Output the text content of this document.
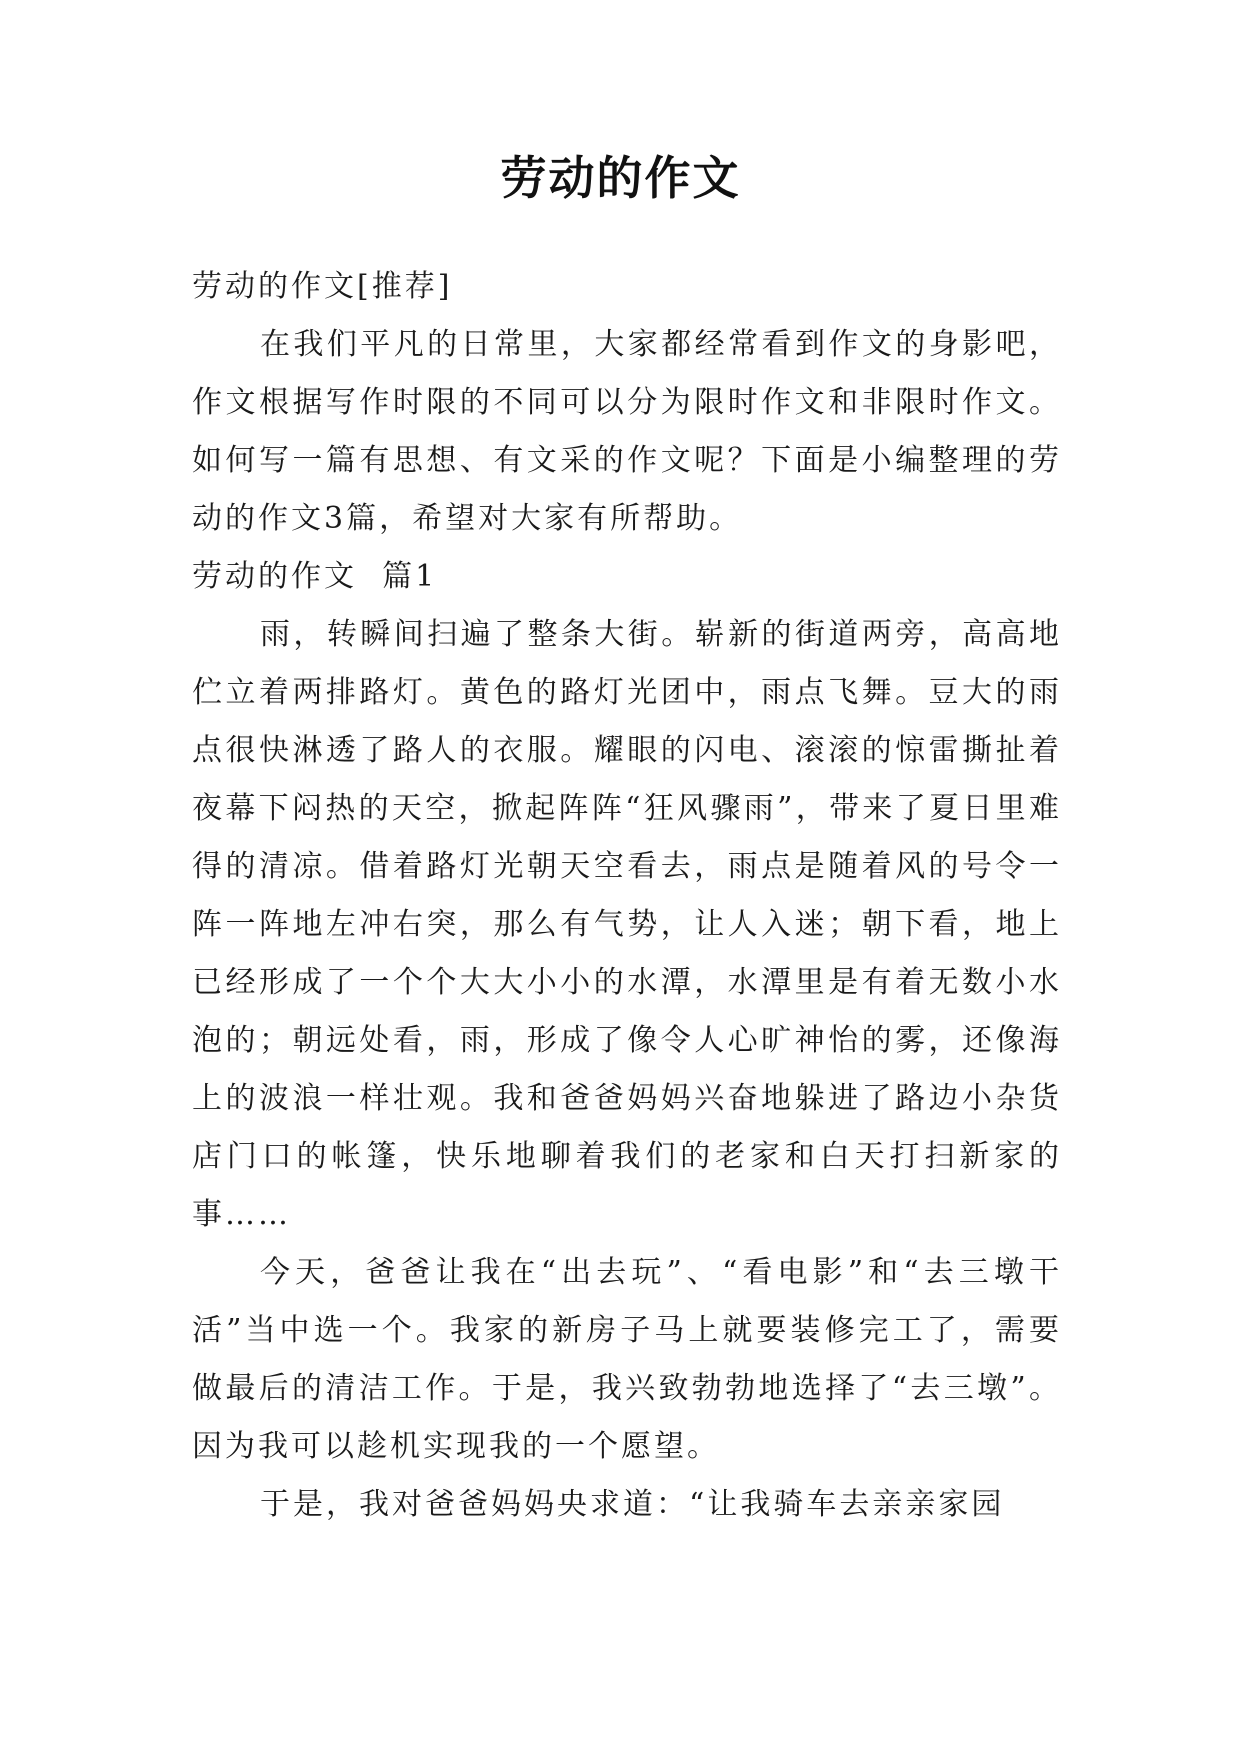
劳动的作文

劳动的作文[推荐]

在我们平凡的日常里，大家都经常看到作文的身影吧，作文根据写作时限的不同可以分为限时作文和非限时作文。如何写一篇有思想、有文采的作文呢？下面是小编整理的劳动的作文3篇，希望对大家有所帮助。

劳动的作文  篇1

雨，转瞬间扫遍了整条大街。崭新的街道两旁，高高地伫立着两排路灯。黄色的路灯光团中，雨点飞舞。豆大的雨点很快淋透了路人的衣服。耀眼的闪电、滚滚的惊雷撕扯着夜幕下闷热的天空，掀起阵阵“狂风骤雨”，带来了夏日里难得的清凉。借着路灯光朝天空看去，雨点是随着风的号令一阵一阵地左冲右突，那么有气势，让人入迷；朝下看，地上已经形成了一个个大大小小的水潭，水潭里是有着无数小水泡的；朝远处看，雨，形成了像令人心旷神怡的雾，还像海上的波浪一样壮观。我和爸爸妈妈兴奋地躲进了路边小杂货店门口的帐篷，快乐地聊着我们的老家和白天打扫新家的事……

今天，爸爸让我在“出去玩”、“看电影”和“去三墩干活”当中选一个。我家的新房子马上就要装修完工了，需要做最后的清洁工作。于是，我兴致勃勃地选择了“去三墩”。因为我可以趁机实现我的一个愿望。

于是，我对爸爸妈妈央求道：“让我骑车去亲亲家园
